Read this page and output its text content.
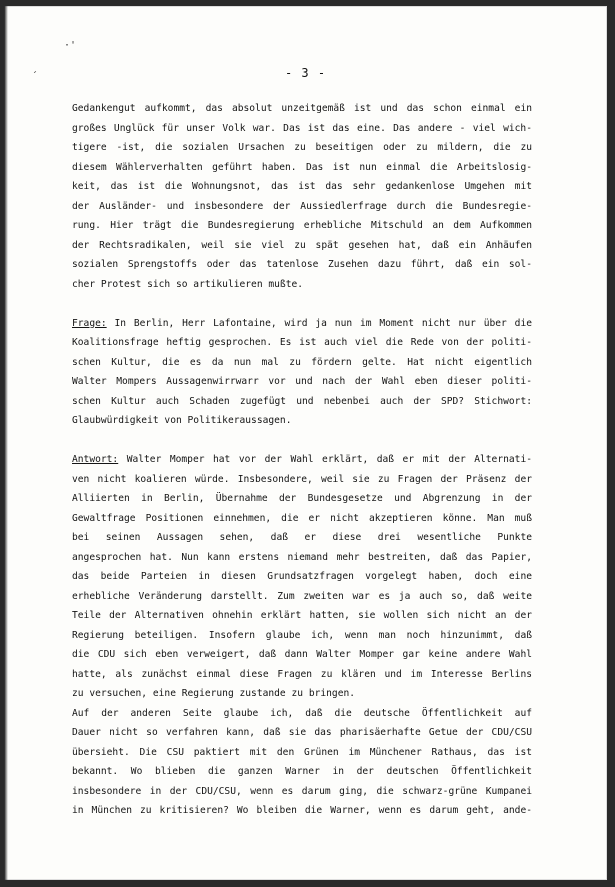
·'
ˏ	- 3 -
Gedankengut aufkommt, das absolut unzeitgemäß ist und das schon einmal ein
großes Unglück für unser Volk war. Das ist das eine. Das andere - viel wich-
tigere -ist, die sozialen Ursachen zu beseitigen oder zu mildern, die zu
diesem Wählerverhalten geführt haben. Das ist nun einmal die Arbeitslosig-
keit, das ist die Wohnungsnot, das ist das sehr gedankenlose Umgehen mit
der Ausländer- und insbesondere der Aussiedlerfrage durch die Bundesregie-
rung. Hier trägt die Bundesregierung erhebliche Mitschuld an dem Aufkommen
der Rechtsradikalen, weil sie viel zu spät gesehen hat, daß ein Anhäufen
sozialen Sprengstoffs oder das tatenlose Zusehen dazu führt, daß ein sol-
cher Protest sich so artikulieren mußte.
Frage: In Berlin, Herr Lafontaine, wird ja nun im Moment nicht nur über die
Koalitionsfrage heftig gesprochen. Es ist auch viel die Rede von der politi-
schen Kultur, die es da nun mal zu fördern gelte. Hat nicht eigentlich
Walter Mompers Aussagenwirrwarr vor und nach der Wahl eben dieser politi-
schen Kultur auch Schaden zugefügt und nebenbei auch der SPD? Stichwort:
Glaubwürdigkeit von Politikeraussagen.
Antwort: Walter Momper hat vor der Wahl erklärt, daß er mit der Alternati-
ven nicht koalieren würde. Insbesondere, weil sie zu Fragen der Präsenz der
Alliierten in Berlin, Übernahme der Bundesgesetze und Abgrenzung in der
Gewaltfrage Positionen einnehmen, die er nicht akzeptieren könne. Man muß
bei seinen Aussagen sehen, daß er diese drei wesentliche Punkte
angesprochen hat. Nun kann erstens niemand mehr bestreiten, daß das Papier,
das beide Parteien in diesen Grundsatzfragen vorgelegt haben, doch eine
erhebliche Veränderung darstellt. Zum zweiten war es ja auch so, daß weite
Teile der Alternativen ohnehin erklärt hatten, sie wollen sich nicht an der
Regierung beteiligen. Insofern glaube ich, wenn man noch hinzunimmt, daß
die CDU sich eben verweigert, daß dann Walter Momper gar keine andere Wahl
hatte, als zunächst einmal diese Fragen zu klären und im Interesse Berlins
zu versuchen, eine Regierung zustande zu bringen.
Auf der anderen Seite glaube ich, daß die deutsche Öffentlichkeit auf
Dauer nicht so verfahren kann, daß sie das pharisäerhafte Getue der CDU/CSU
übersieht. Die CSU paktiert mit den Grünen im Münchener Rathaus, das ist
bekannt. Wo blieben die ganzen Warner in der deutschen Öffentlichkeit
insbesondere in der CDU/CSU, wenn es darum ging, die schwarz-grüne Kumpanei
in München zu kritisieren? Wo bleiben die Warner, wenn es darum geht, ande-
